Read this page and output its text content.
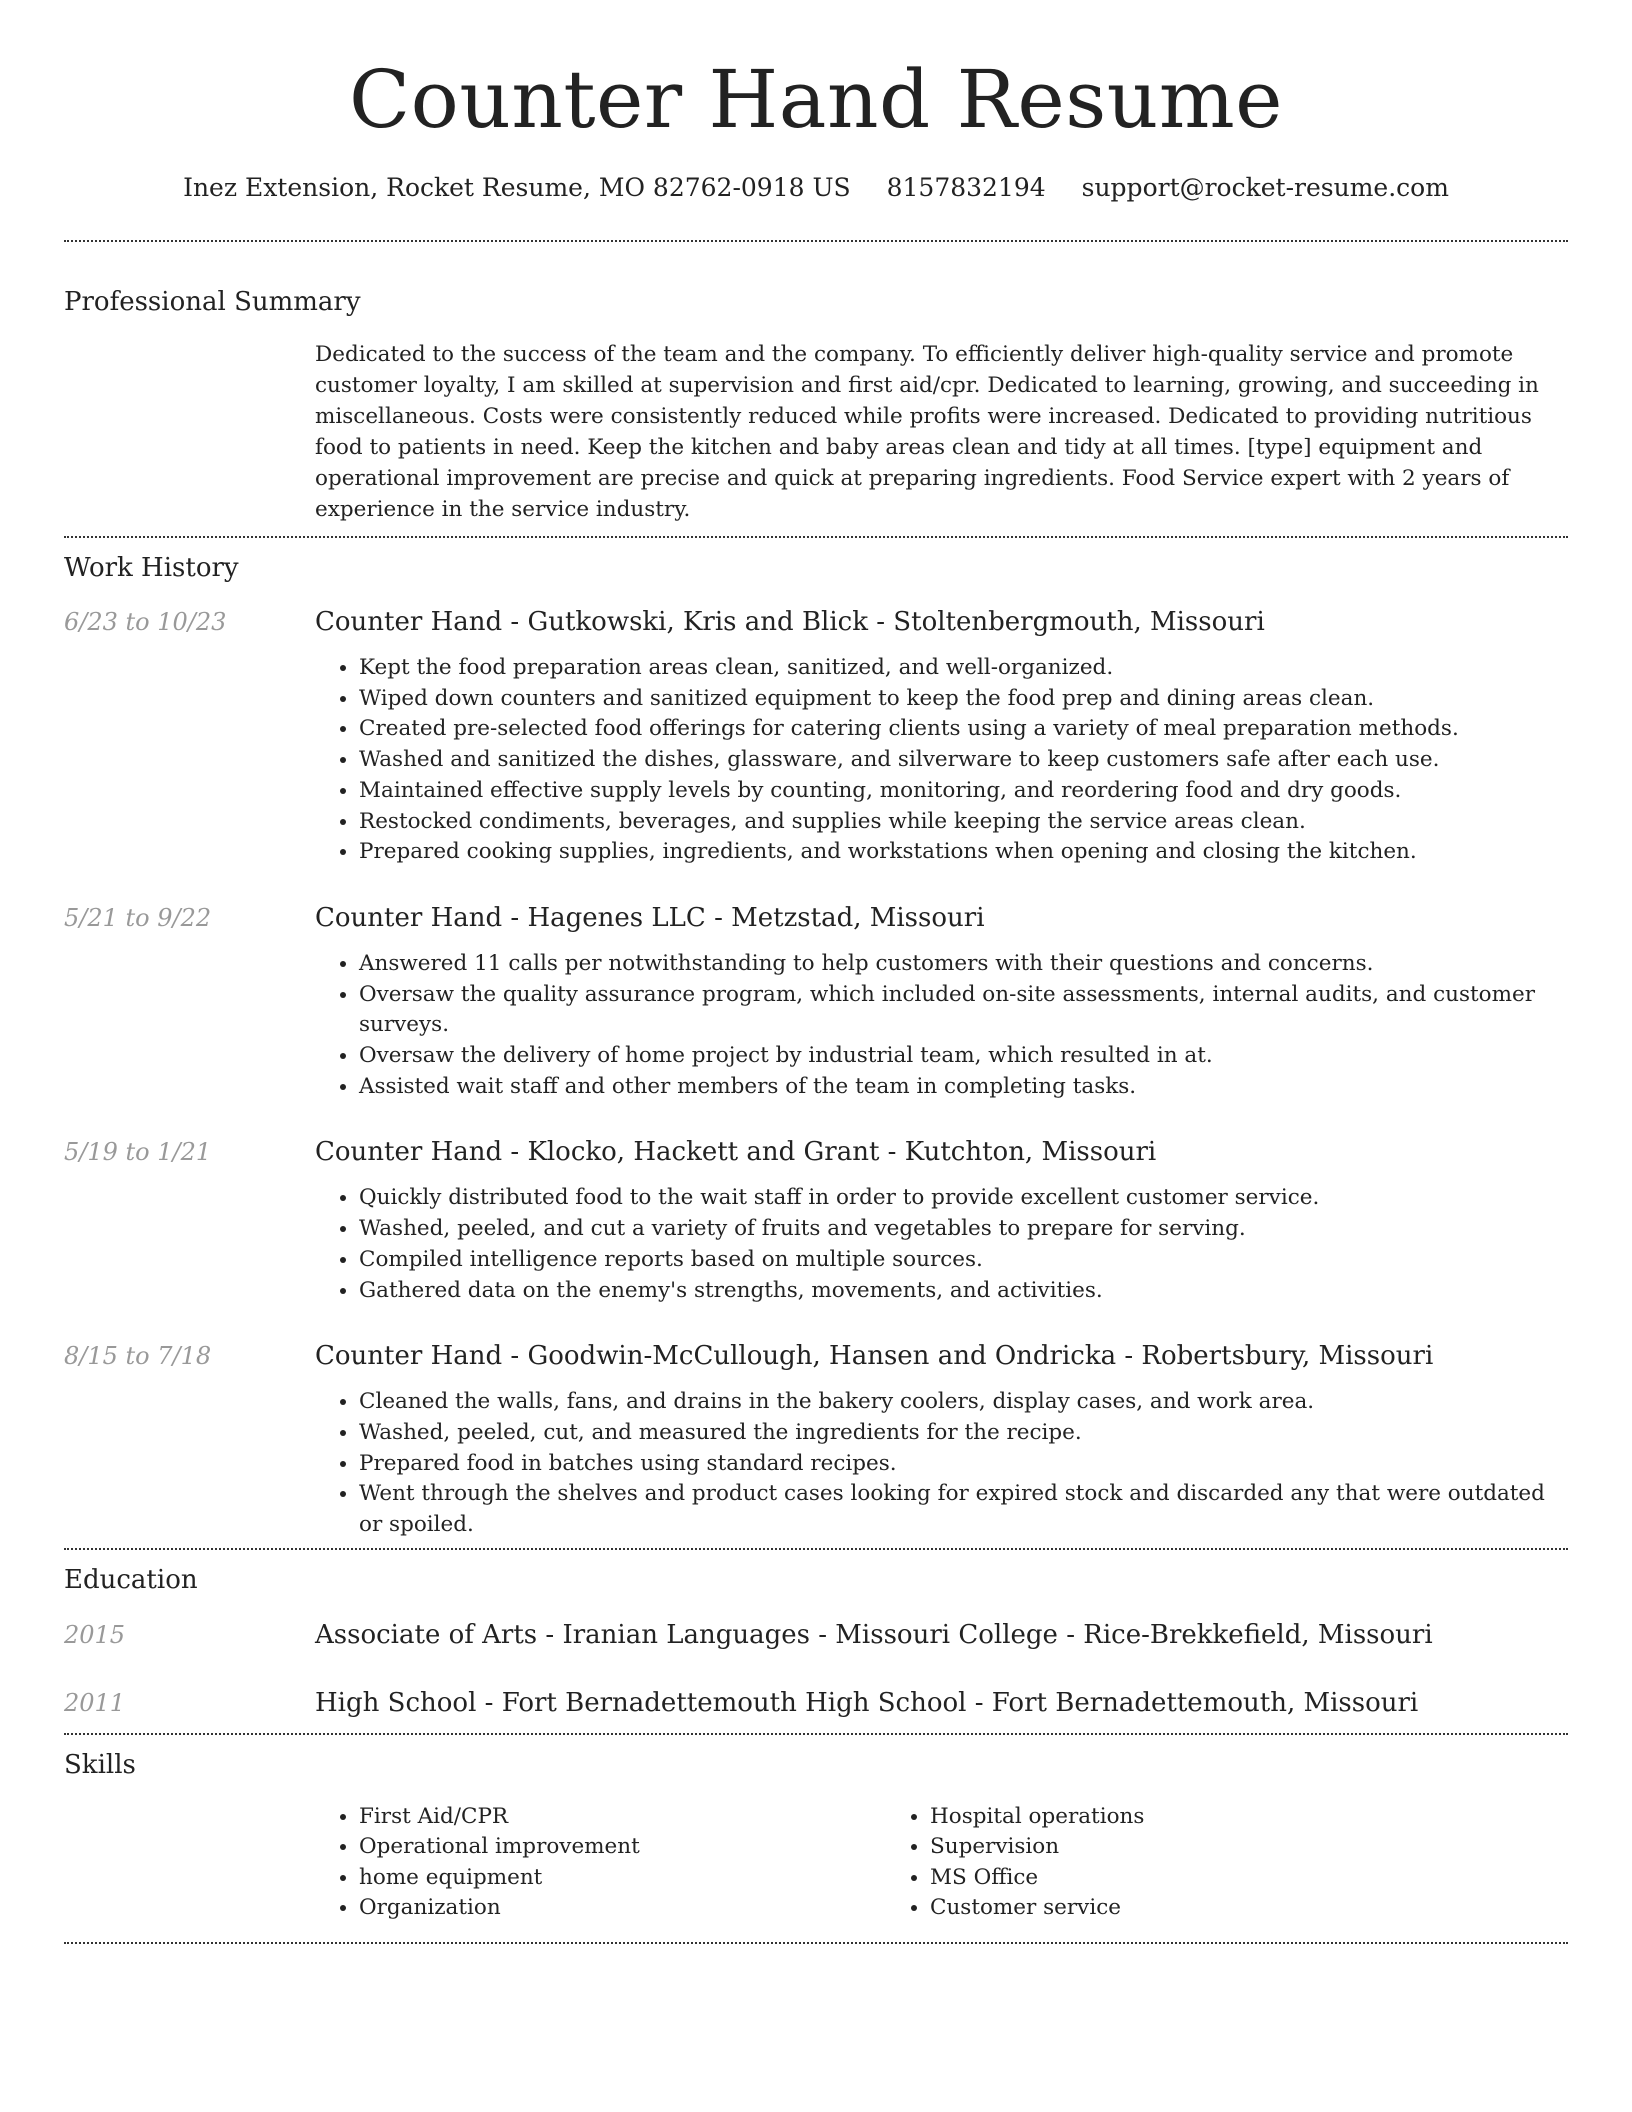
Counter Hand Resume
Inez Extension, Rocket Resume, MO 82762-0918 US 8157832194 support@rocket-resume.com
Professional Summary

Dedicated to the success of the team and the company. To efficiently deliver high-quality service and promote customer loyalty, I am skilled at supervision and first aid/cpr. Dedicated to learning, growing, and succeeding in miscellaneous. Costs were consistently reduced while profits were increased. Dedicated to providing nutritious food to patients in need. Keep the kitchen and baby areas clean and tidy at all times. [type] equipment and operational improvement are precise and quick at preparing ingredients. Food Service expert with 2 years of experience in the service industry.

Work History
6/23 to 10/23	Counter Hand - Gutkowski, Kris and Blick - Stoltenbergmouth, Missouri
• Kept the food preparation areas clean, sanitized, and well-organized.
• Wiped down counters and sanitized equipment to keep the food prep and dining areas clean.
• Created pre-selected food offerings for catering clients using a variety of meal preparation methods.
• Washed and sanitized the dishes, glassware, and silverware to keep customers safe after each use.
• Maintained effective supply levels by counting, monitoring, and reordering food and dry goods.
• Restocked condiments, beverages, and supplies while keeping the service areas clean.
• Prepared cooking supplies, ingredients, and workstations when opening and closing the kitchen.
5/21 to 9/22	Counter Hand - Hagenes LLC - Metzstad, Missouri
• Answered 11 calls per notwithstanding to help customers with their questions and concerns.
• Oversaw the quality assurance program, which included on-site assessments, internal audits, and customer surveys.
• Oversaw the delivery of home project by industrial team, which resulted in at.
• Assisted wait staff and other members of the team in completing tasks.
5/19 to 1/21	Counter Hand - Klocko, Hackett and Grant - Kutchton, Missouri
• Quickly distributed food to the wait staff in order to provide excellent customer service.
• Washed, peeled, and cut a variety of fruits and vegetables to prepare for serving.
• Compiled intelligence reports based on multiple sources.
• Gathered data on the enemy's strengths, movements, and activities.
8/15 to 7/18	Counter Hand - Goodwin-McCullough, Hansen and Ondricka - Robertsbury, Missouri
• Cleaned the walls, fans, and drains in the bakery coolers, display cases, and work area.
• Washed, peeled, cut, and measured the ingredients for the recipe.
• Prepared food in batches using standard recipes.
• Went through the shelves and product cases looking for expired stock and discarded any that were outdated or spoiled.
Education
2015	Associate of Arts - Iranian Languages - Missouri College - Rice-Brekkefield, Missouri
2011	High School - Fort Bernadettemouth High School - Fort Bernadettemouth, Missouri
Skills
• First Aid/CPR
• Operational improvement
• home equipment
• Organization
• Hospital operations
• Supervision
• MS Office
• Customer service
